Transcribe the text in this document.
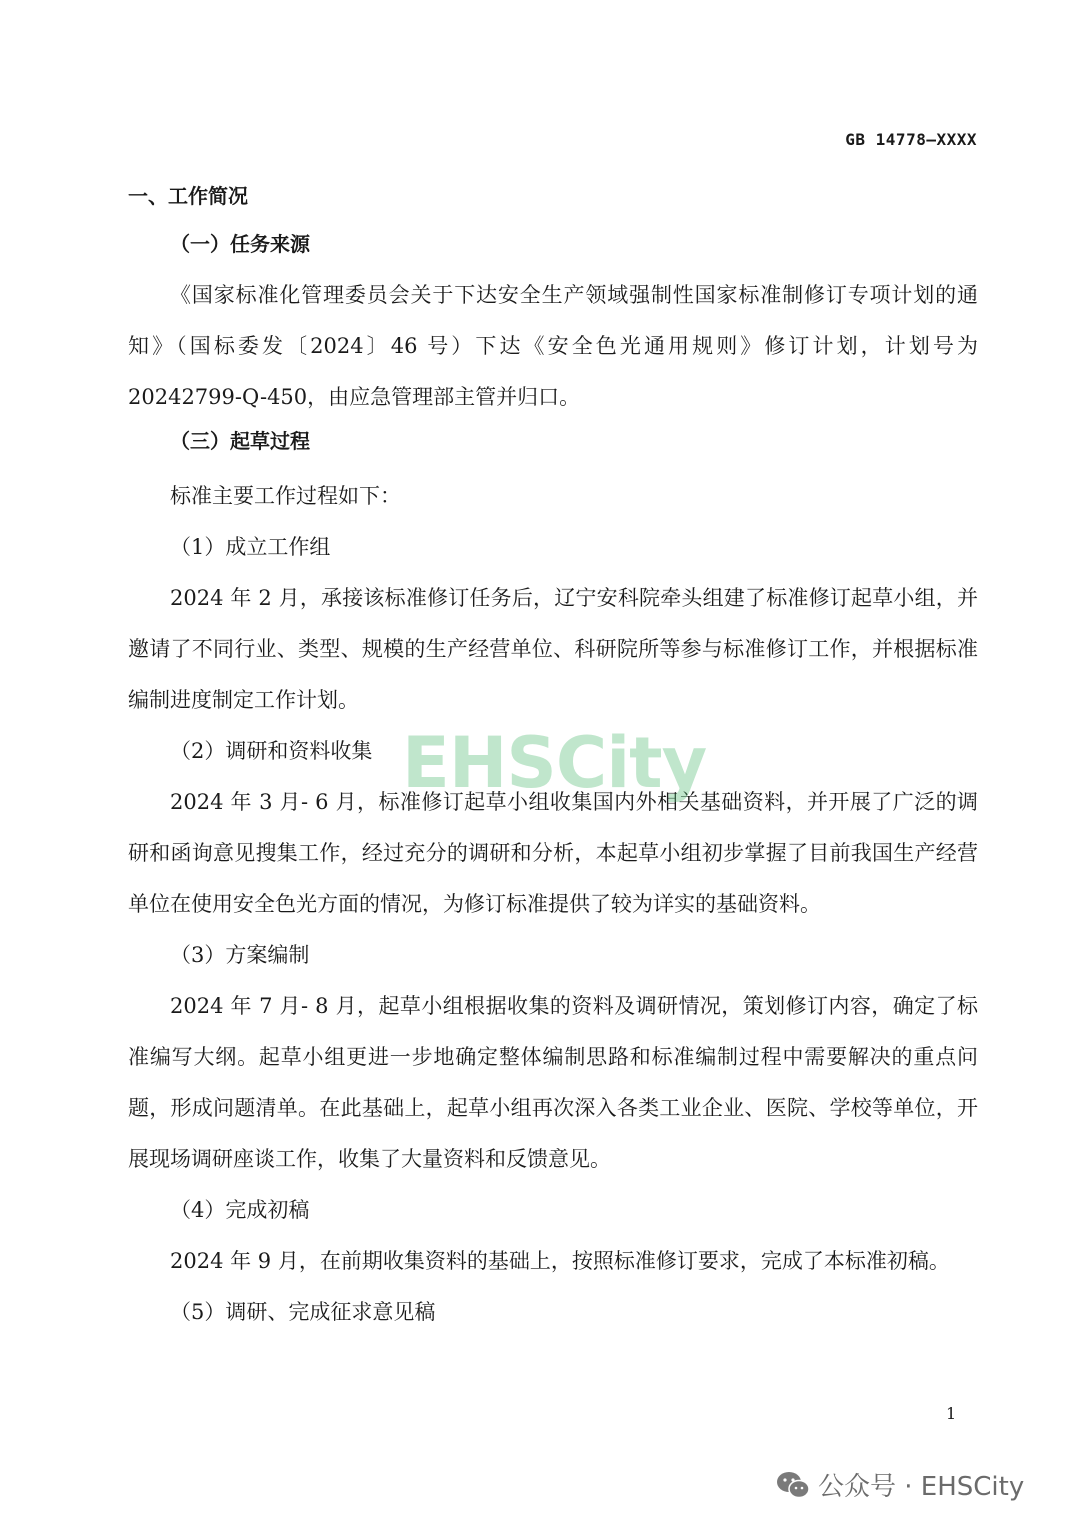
GB 14778—XXXX
一、工作简况
（一）任务来源
《国家标准化管理委员会关于下达安全生产领域强制性国家标准制修订专项计划的通知》（国标委发〔2024〕46 号）下达《安全色光通用规则》修订计划，计划号为 20242799-Q-450，由应急管理部主管并归口。
（三）起草过程
标准主要工作过程如下：
（1）成立工作组
2024 年 2 月，承接该标准修订任务后，辽宁安科院牵头组建了标准修订起草小组，并邀请了不同行业、类型、规模的生产经营单位、科研院所等参与标准修订工作，并根据标准编制进度制定工作计划。
（2）调研和资料收集
2024 年 3 月- 6 月，标准修订起草小组收集国内外相关基础资料，并开展了广泛的调研和函询意见搜集工作，经过充分的调研和分析，本起草小组初步掌握了目前我国生产经营单位在使用安全色光方面的情况，为修订标准提供了较为详实的基础资料。
（3）方案编制
2024 年 7 月- 8 月，起草小组根据收集的资料及调研情况，策划修订内容，确定了标准编写大纲。起草小组更进一步地确定整体编制思路和标准编制过程中需要解决的重点问题，形成问题清单。在此基础上，起草小组再次深入各类工业企业、医院、学校等单位，开展现场调研座谈工作，收集了大量资料和反馈意见。
（4）完成初稿
2024 年 9 月，在前期收集资料的基础上，按照标准修订要求，完成了本标准初稿。
（5）调研、完成征求意见稿
EHSCity
1
公众号 · EHSCity
